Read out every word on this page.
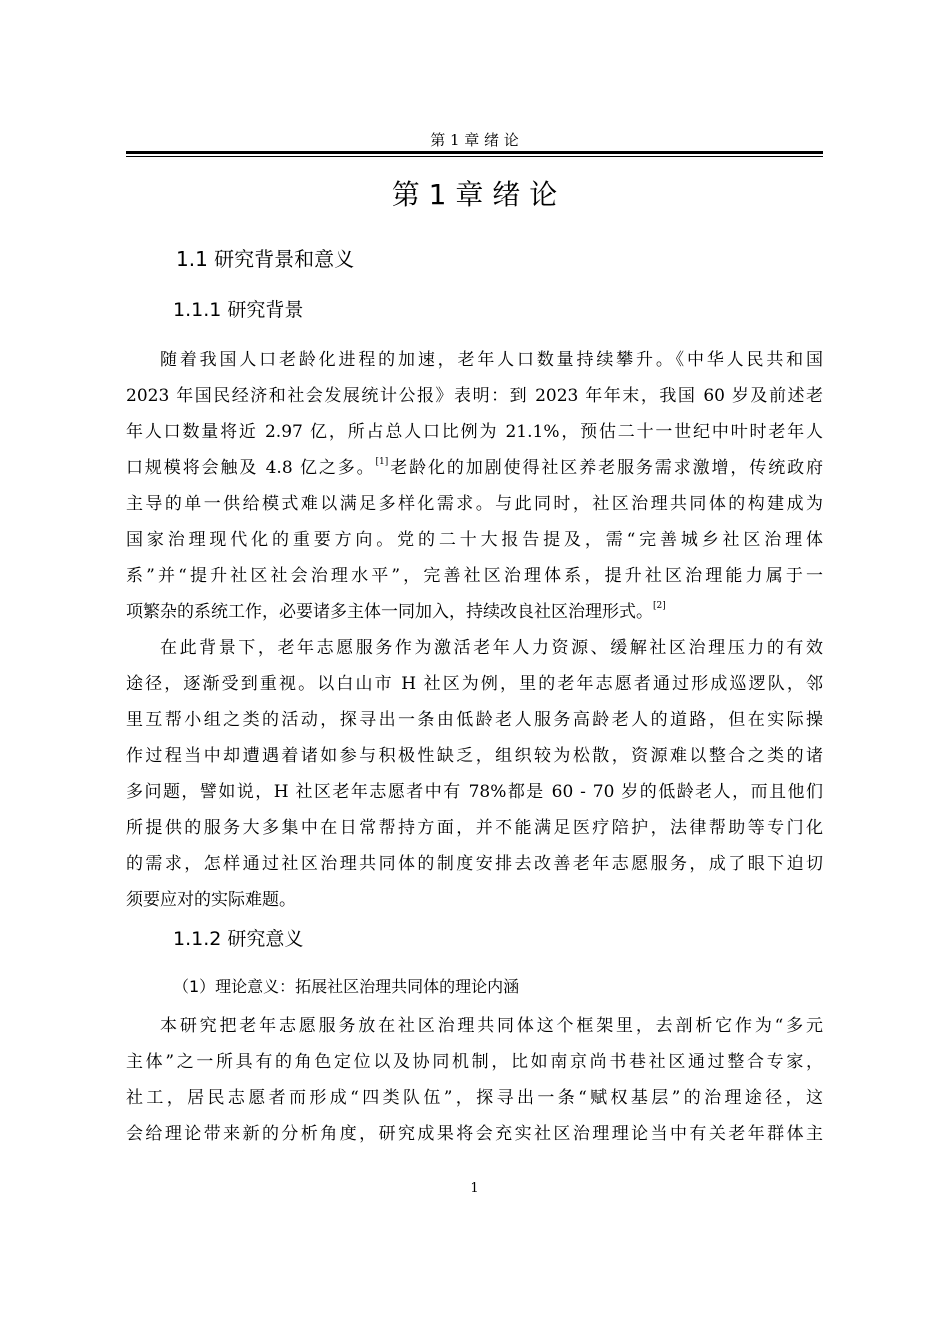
第 1 章 绪 论
第 1 章 绪 论
1.1 研究背景和意义
1.1.1 研究背景
随着我国人口老龄化进程的加速，老年人口数量持续攀升。《中华人民共和国
2023 年国民经济和社会发展统计公报》表明：到 2023 年年末，我国 60 岁及前述老
年人口数量将近 2.97 亿，所占总人口比例为 21.1%，预估二十一世纪中叶时老年人
口规模将会触及 4.8 亿之多。[1]老龄化的加剧使得社区养老服务需求激增，传统政府
主导的单一供给模式难以满足多样化需求。与此同时，社区治理共同体的构建成为
国家治理现代化的重要方向。党的二十大报告提及，需“完善城乡社区治理体
系”并“提升社区社会治理水平”，完善社区治理体系，提升社区治理能力属于一
项繁杂的系统工作，必要诸多主体一同加入，持续改良社区治理形式。[2]
在此背景下，老年志愿服务作为激活老年人力资源、缓解社区治理压力的有效
途径，逐渐受到重视。以白山市 H 社区为例，里的老年志愿者通过形成巡逻队，邻
里互帮小组之类的活动，探寻出一条由低龄老人服务高龄老人的道路，但在实际操
作过程当中却遭遇着诸如参与积极性缺乏，组织较为松散，资源难以整合之类的诸
多问题，譬如说，H 社区老年志愿者中有 78%都是 60 - 70 岁的低龄老人，而且他们
所提供的服务大多集中在日常帮持方面，并不能满足医疗陪护，法律帮助等专门化
的需求，怎样通过社区治理共同体的制度安排去改善老年志愿服务，成了眼下迫切
须要应对的实际难题。
1.1.2 研究意义
（1）理论意义：拓展社区治理共同体的理论内涵
本研究把老年志愿服务放在社区治理共同体这个框架里，去剖析它作为“多元
主体”之一所具有的角色定位以及协同机制，比如南京尚书巷社区通过整合专家，
社工，居民志愿者而形成“四类队伍”，探寻出一条“赋权基层”的治理途径，这
会给理论带来新的分析角度，研究成果将会充实社区治理理论当中有关老年群体主
1
